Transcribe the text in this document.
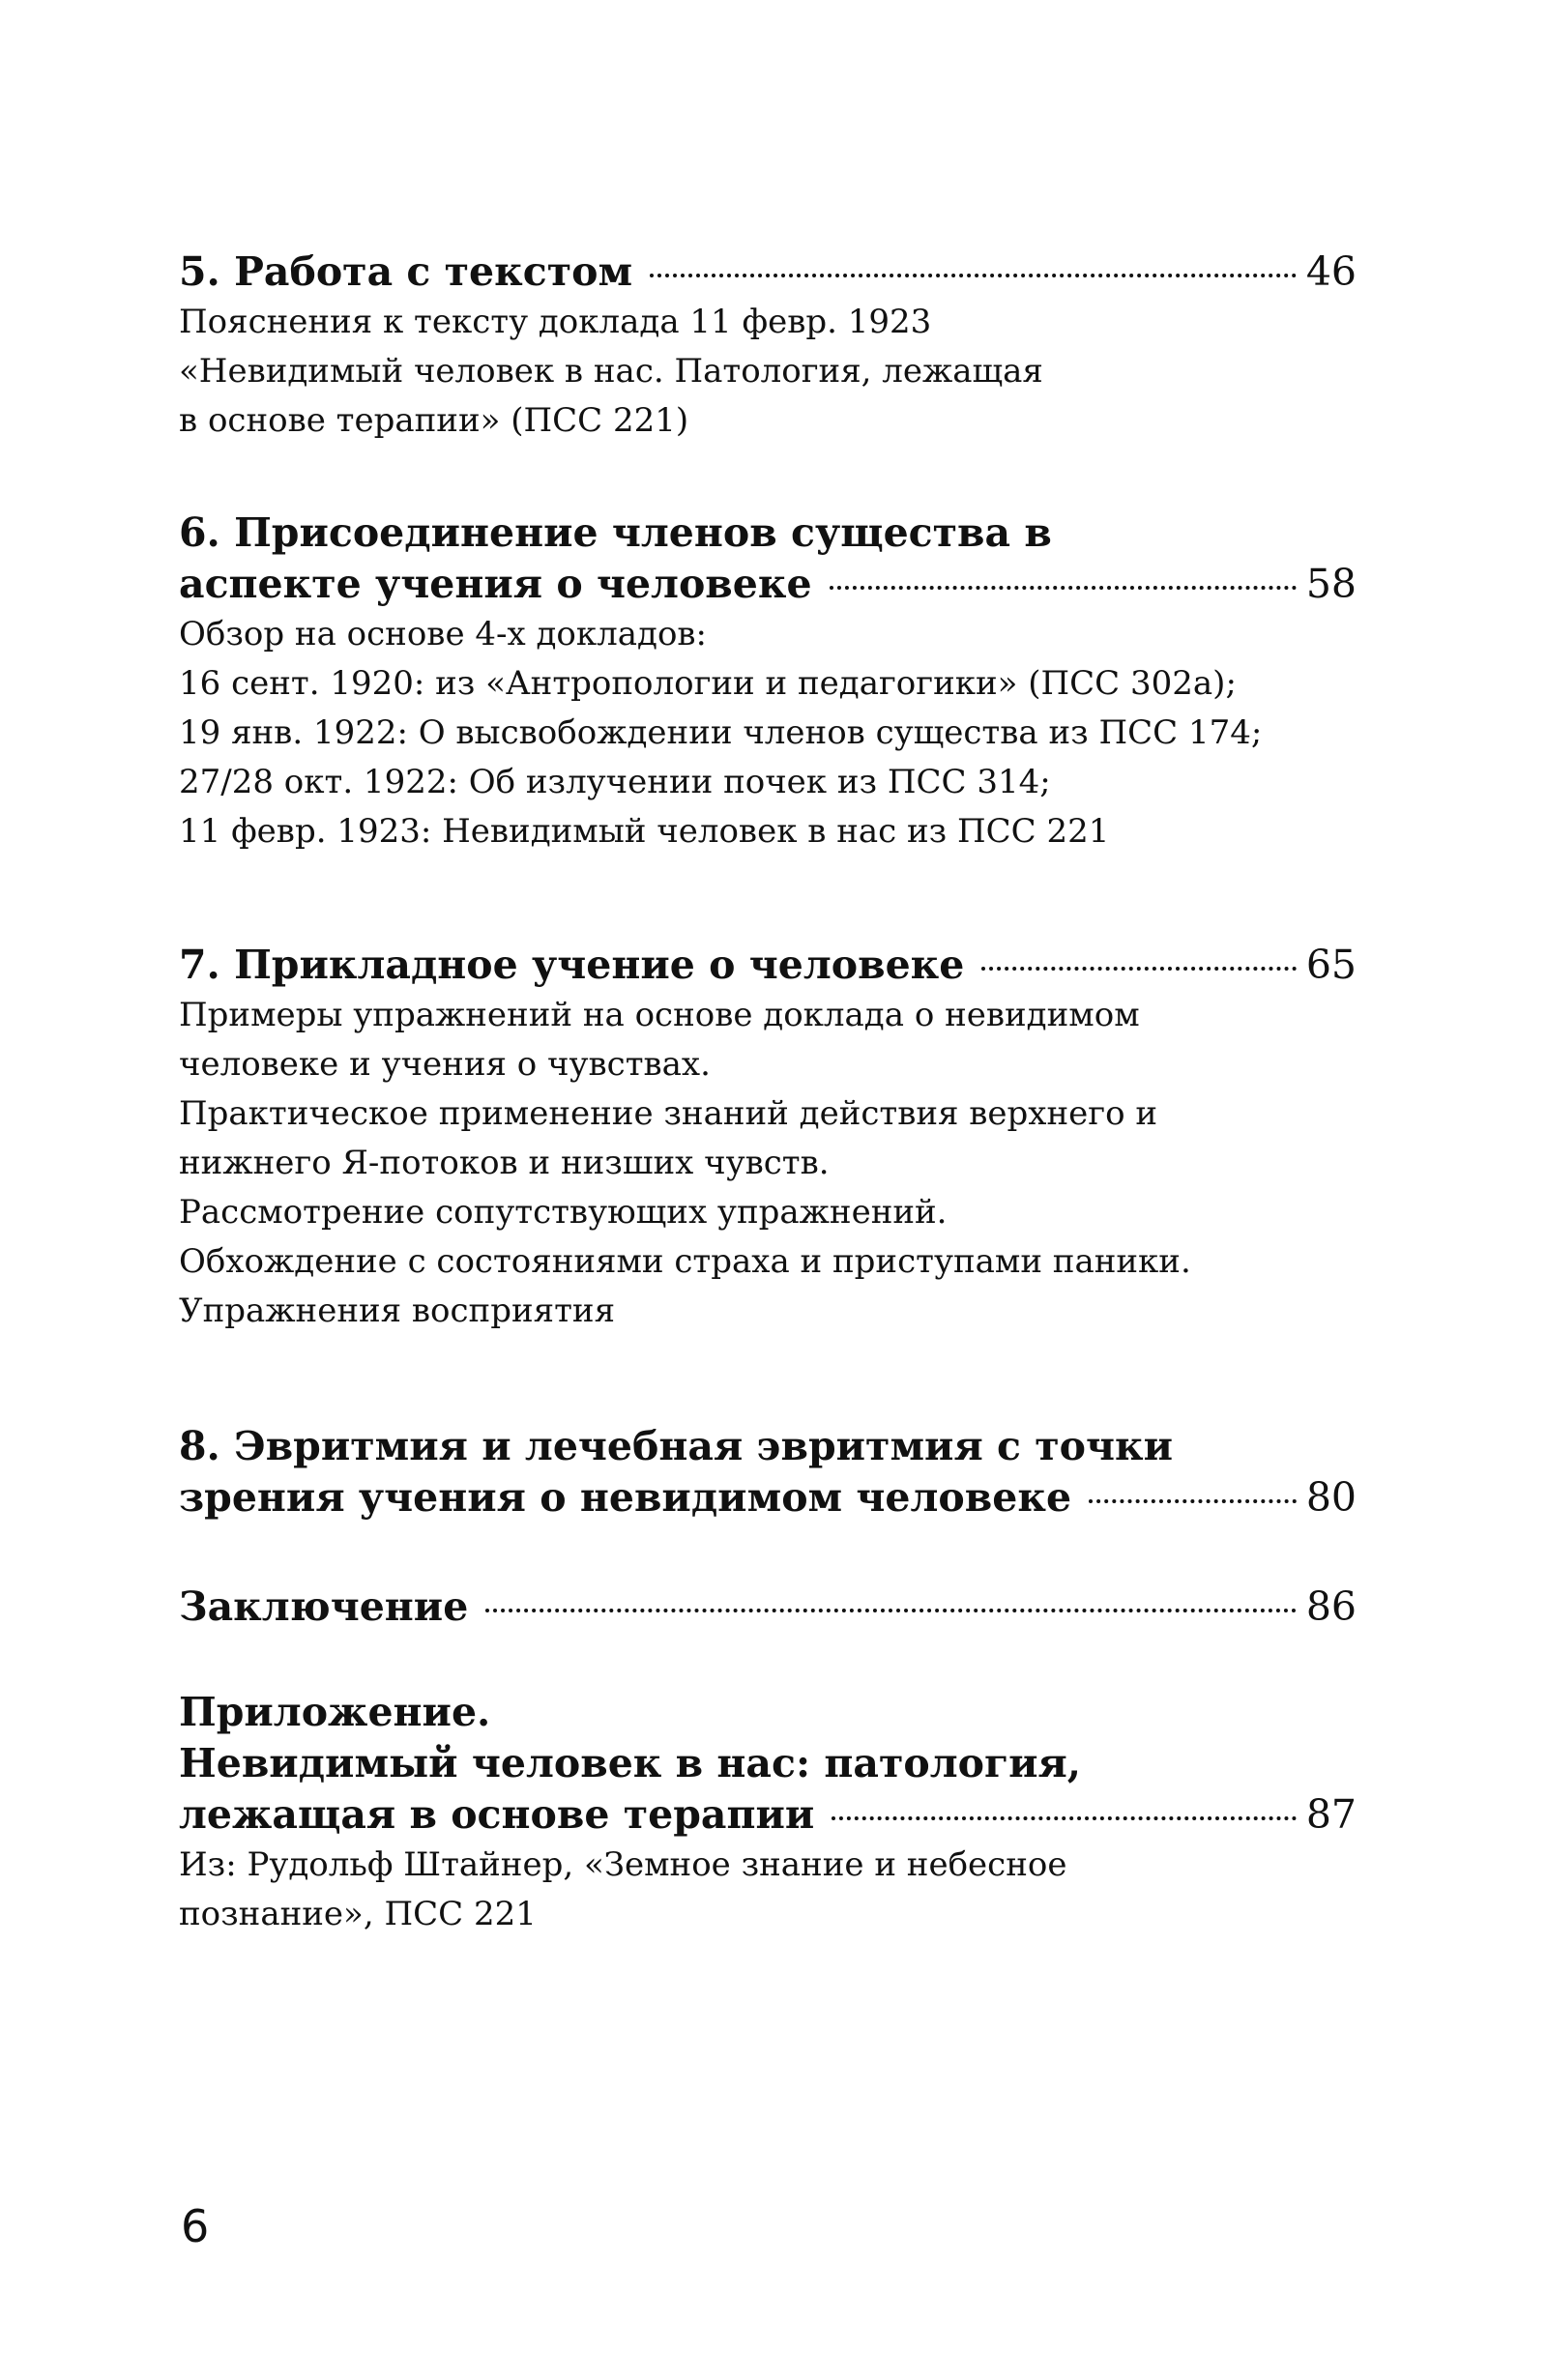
5. Работа с текстом	46
Пояснения к тексту доклада 11 февр. 1923
«Невидимый человек в нас. Патология, лежащая
в основе терапии» (ПСС 221)
6. Присоединение членов существа в
аспекте учения о человеке	58
Обзор на основе 4-х докладов:
16 сент. 1920: из «Антропологии и педагогики» (ПСС 302a);
19 янв. 1922: О высвобождении членов существа из ПСС 174;
27/28 окт. 1922: Об излучении почек из ПСС 314;
11 февр. 1923: Невидимый человек в нас из ПСС 221
7. Прикладное учение о человеке	65
Примеры упражнений на основе доклада о невидимом
человеке и учения о чувствах.
Практическое применение знаний действия верхнего и
нижнего Я-потоков и низших чувств.
Рассмотрение сопутствующих упражнений.
Обхождение с состояниями страха и приступами паники.
Упражнения восприятия
8. Эвритмия и лечебная эвритмия с точки
зрения учения о невидимом человеке	80
Заключение	86
Приложение.
Невидимый человек в нас: патология,
лежащая в основе терапии	87
Из: Рудольф Штайнер, «Земное знание и небесное
познание», ПСС 221
6
